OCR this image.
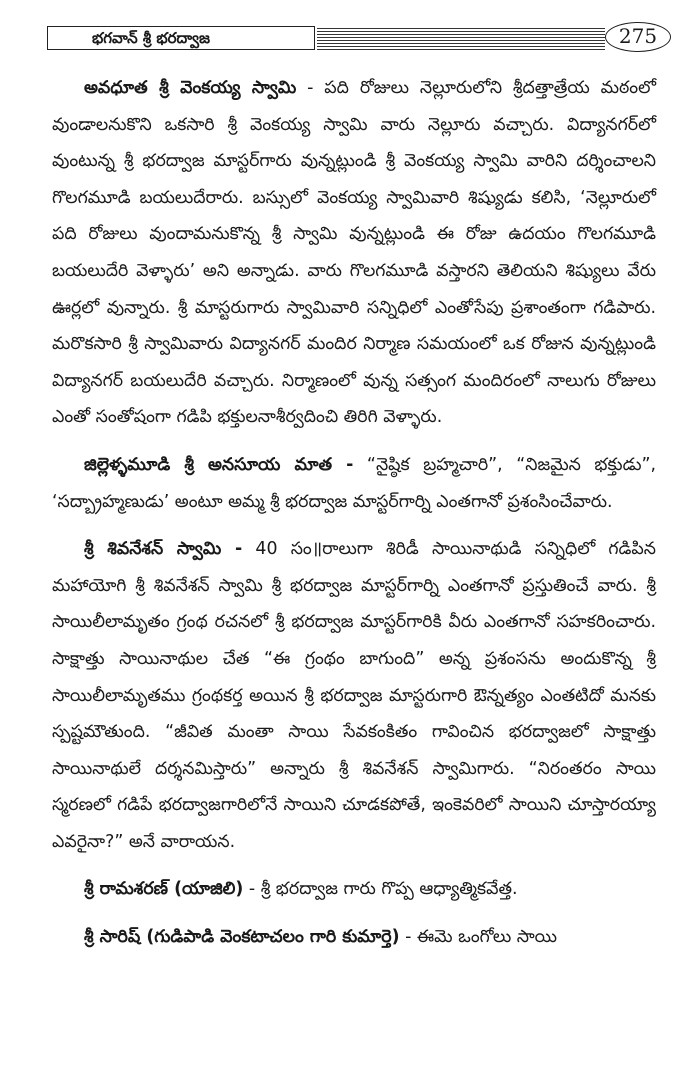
భగవాన్ శ్రీ భరద్వాజ	275

అవధూత శ్రీ వెంకయ్య స్వామి - పది రోజులు నెల్లూరులోని శ్రీదత్తాత్రేయ మఠంలో వుండాలనుకొని ఒకసారి శ్రీ వెంకయ్య స్వామి వారు నెల్లూరు వచ్చారు. విద్యానగర్‌లో వుంటున్న శ్రీ భరద్వాజ మాస్టర్‌గారు వున్నట్లుండి శ్రీ వెంకయ్య స్వామి వారిని దర్శించాలని గొలగమూడి బయలుదేరారు. బస్సులో వెంకయ్య స్వామివారి శిష్యుడు కలిసి, ‘నెల్లూరులో పది రోజులు వుందామనుకొన్న శ్రీ స్వామి వున్నట్లుండి ఈ రోజు ఉదయం గొలగమూడి బయలుదేరి వెళ్ళారు’ అని అన్నాడు. వారు గొలగమూడి వస్తారని తెలియని శిష్యులు వేరు ఊర్లలో వున్నారు. శ్రీ మాస్టరుగారు స్వామివారి సన్నిధిలో ఎంతోసేపు ప్రశాంతంగా గడిపారు. మరొకసారి శ్రీ స్వామివారు విద్యానగర్ మందిర నిర్మాణ సమయంలో ఒక రోజున వున్నట్లుండి విద్యానగర్ బయలుదేరి వచ్చారు. నిర్మాణంలో వున్న సత్సంగ మందిరంలో నాలుగు రోజులు ఎంతో సంతోషంగా గడిపి భక్తులనాశీర్వదించి తిరిగి వెళ్ళారు.

జిల్లెళ్ళమూడి శ్రీ అనసూయ మాత - “నైష్ఠిక బ్రహ్మచారి”, “నిజమైన భక్తుడు”, ‘సద్బ్రాహ్మణుడు’ అంటూ అమ్మ శ్రీ భరద్వాజ మాస్టర్‌గార్ని ఎంతగానో ప్రశంసించేవారు.

శ్రీ శివనేశన్ స్వామి - 40 సం॥రాలుగా శిరిడీ సాయినాథుడి సన్నిధిలో గడిపిన మహాయోగి శ్రీ శివనేశన్ స్వామి శ్రీ భరద్వాజ మాస్టర్‌గార్ని ఎంతగానో ప్రస్తుతించే వారు. శ్రీ సాయిలీలామృతం గ్రంథ రచనలో శ్రీ భరద్వాజ మాస్టర్‌గారికి వీరు ఎంతగానో సహకరించారు. సాక్షాత్తు సాయినాథుల చేత “ఈ గ్రంథం బాగుంది” అన్న ప్రశంసను అందుకొన్న శ్రీ సాయిలీలామృతము గ్రంథకర్త అయిన శ్రీ భరద్వాజ మాస్టరుగారి ఔన్నత్యం ఎంతటిదో మనకు స్పష్టమౌతుంది. “జీవిత మంతా సాయి సేవకంకితం గావించిన భరద్వాజలో సాక్షాత్తు సాయినాథులే దర్శనమిస్తారు” అన్నారు శ్రీ శివనేశన్ స్వామిగారు. “నిరంతరం సాయి స్మరణలో గడిపే భరద్వాజగారిలోనే సాయిని చూడకపోతే, ఇంకెవరిలో సాయిని చూస్తారయ్యా ఎవరైనా?” అనే వారాయన.

శ్రీ రామశరణ్ (యాజిలి) - శ్రీ భరద్వాజ గారు గొప్ప ఆధ్యాత్మికవేత్త.

శ్రీ సారిష్ (గుడిపాడి వెంకటాచలం గారి కుమార్తె) - ఈమె ఒంగోలు సాయి
